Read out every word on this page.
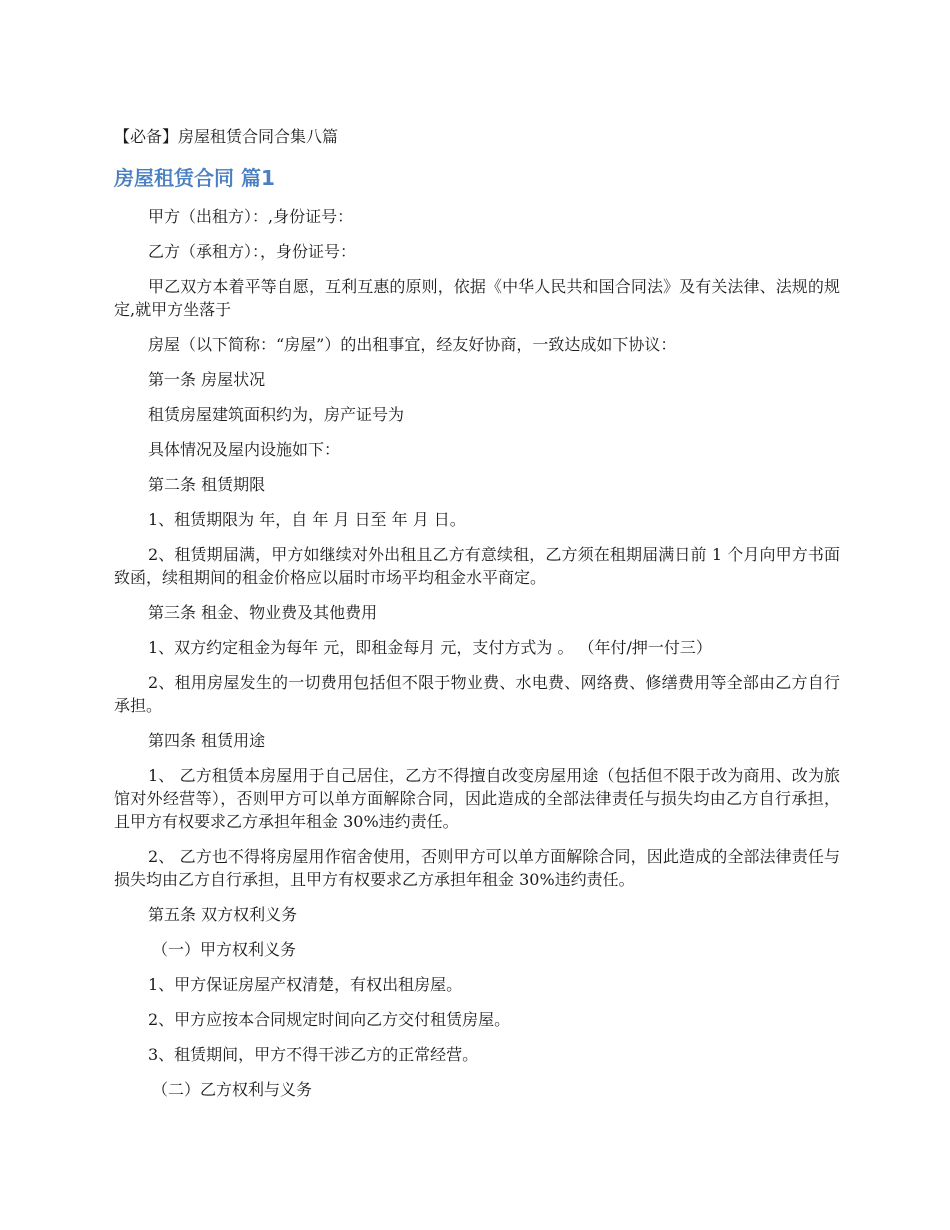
【必备】房屋租赁合同合集八篇
房屋租赁合同 篇1

甲方（出租方）：,身份证号：

乙方（承租方）：，身份证号：

甲乙双方本着平等自愿，互利互惠的原则，依据《中华人民共和国合同法》及有关法律、法规的规定,就甲方坐落于

房屋（以下简称：“房屋”）的出租事宜，经友好协商，一致达成如下协议：

第一条 房屋状况

租赁房屋建筑面积约为，房产证号为

具体情况及屋内设施如下：

第二条 租赁期限

1、租赁期限为 年，自 年 月 日至 年 月 日。

2、租赁期届满，甲方如继续对外出租且乙方有意续租，乙方须在租期届满日前 1 个月向甲方书面致函，续租期间的租金价格应以届时市场平均租金水平商定。

第三条 租金、物业费及其他费用

1、双方约定租金为每年 元，即租金每月 元，支付方式为 。 （年付/押一付三）

2、租用房屋发生的一切费用包括但不限于物业费、水电费、网络费、修缮费用等全部由乙方自行承担。

第四条 租赁用途

1、 乙方租赁本房屋用于自己居住，乙方不得擅自改变房屋用途（包括但不限于改为商用、改为旅馆对外经营等），否则甲方可以单方面解除合同，因此造成的全部法律责任与损失均由乙方自行承担，且甲方有权要求乙方承担年租金 30%违约责任。

2、 乙方也不得将房屋用作宿舍使用，否则甲方可以单方面解除合同，因此造成的全部法律责任与损失均由乙方自行承担，且甲方有权要求乙方承担年租金 30%违约责任。

第五条 双方权利义务

（一）甲方权利义务

1、甲方保证房屋产权清楚，有权出租房屋。

2、甲方应按本合同规定时间向乙方交付租赁房屋。

3、租赁期间，甲方不得干涉乙方的正常经营。

（二）乙方权利与义务
